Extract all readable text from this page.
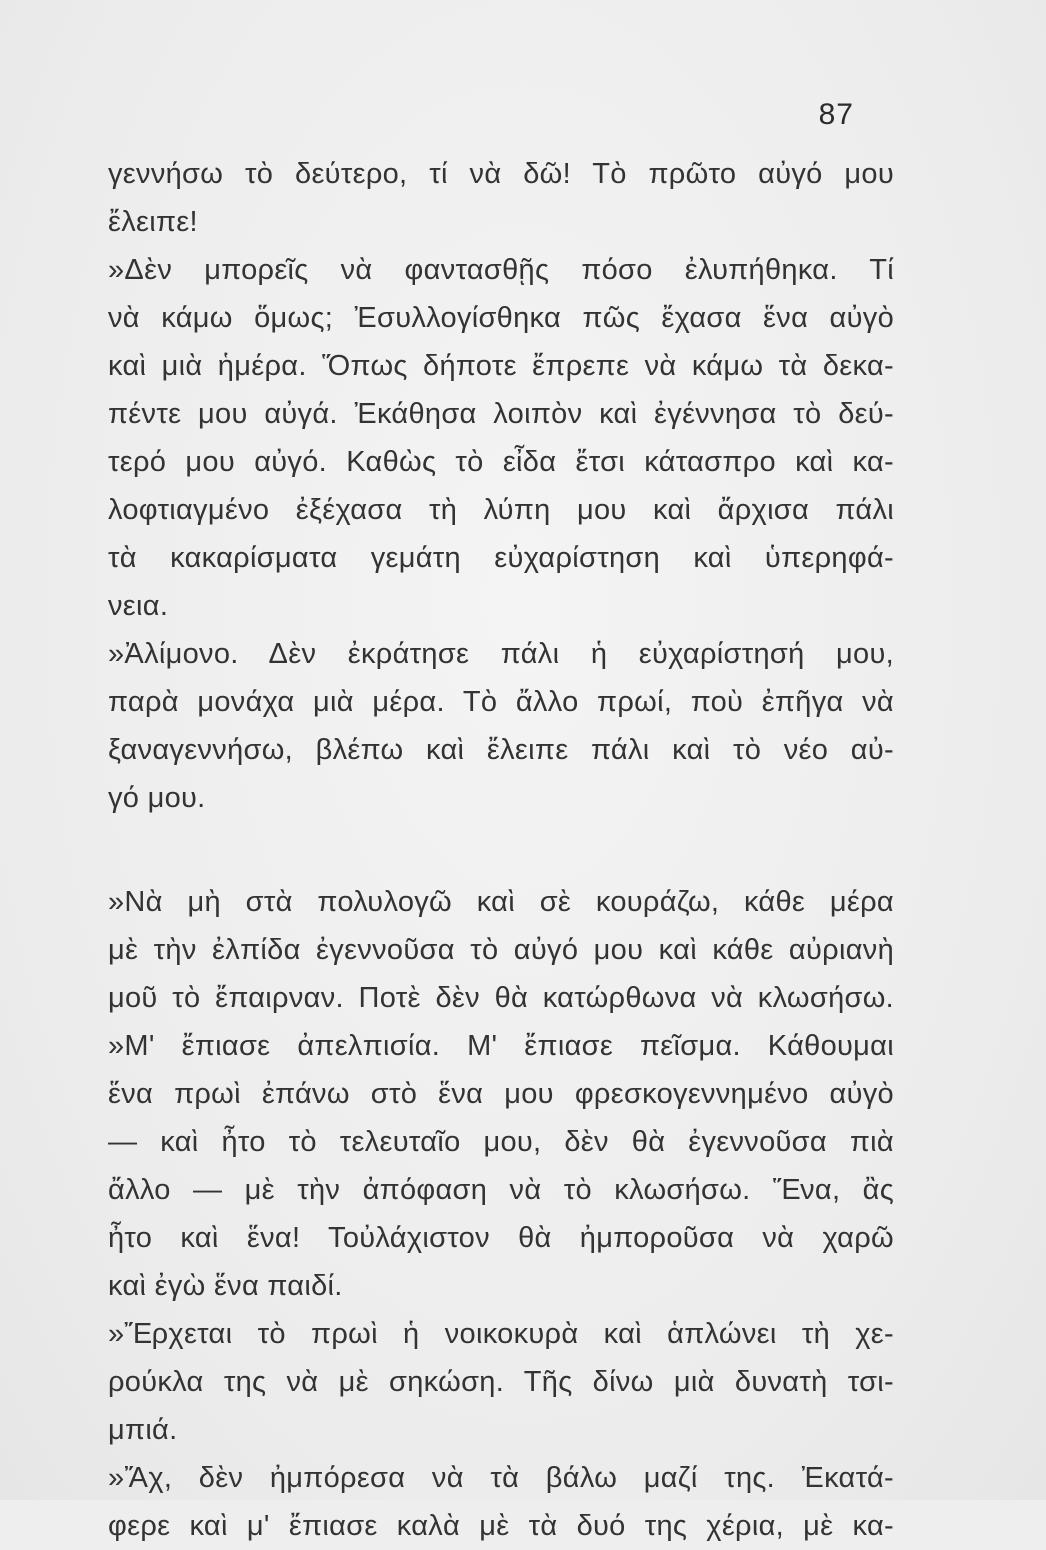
87
γεννήσω τὸ δεύτερο, τί νὰ δῶ! Τὸ πρῶτο αὐγό μου
ἔλειπε!
»Δὲν μπορεῖς νὰ φαντασθῇς πόσο ἐλυπήθηκα. Τί
νὰ κάμω ὅμως; Ἐσυλλογίσθηκα πῶς ἔχασα ἕνα αὐγὸ
καὶ μιὰ ἡμέρα. Ὅπως δήποτε ἔπρεπε νὰ κάμω τὰ δεκα-
πέντε μου αὐγά. Ἐκάθησα λοιπὸν καὶ ἐγέννησα τὸ δεύ-
τερό μου αὐγό. Καθὼς τὸ εἶδα ἔτσι κάτασπρο καὶ κα-
λοφτιαγμένο ἐξέχασα τὴ λύπη μου καὶ ἄρχισα πάλι
τὰ κακαρίσματα γεμάτη εὐχαρίστηση καὶ ὑπερηφά-
νεια.
»Ἀλίμονο. Δὲν ἐκράτησε πάλι ἡ εὐχαρίστησή μου,
παρὰ μονάχα μιὰ μέρα. Τὸ ἄλλο πρωί, ποὺ ἐπῆγα νὰ
ξαναγεννήσω, βλέπω καὶ ἔλειπε πάλι καὶ τὸ νέο αὐ-
γό μου.
»Νὰ μὴ στὰ πολυλογῶ καὶ σὲ κουράζω, κάθε μέρα
μὲ τὴν ἐλπίδα ἐγεννοῦσα τὸ αὐγό μου καὶ κάθε αὐριανὴ
μοῦ τὸ ἔπαιρναν. Ποτὲ δὲν θὰ κατώρθωνα νὰ κλωσήσω.
»Μ' ἔπιασε ἀπελπισία. Μ' ἔπιασε πεῖσμα. Κάθουμαι
ἕνα πρωὶ ἐπάνω στὸ ἕνα μου φρεσκογεννημένο αὐγὸ
— καὶ ἦτο τὸ τελευταῖο μου, δὲν θὰ ἐγεννοῦσα πιὰ
ἄλλο — μὲ τὴν ἀπόφαση νὰ τὸ κλωσήσω. Ἕνα, ἂς
ἦτο καὶ ἕνα! Τοὐλάχιστον θὰ ἠμποροῦσα νὰ χαρῶ
καὶ ἐγὼ ἕνα παιδί.
»Ἔρχεται τὸ πρωὶ ἡ νοικοκυρὰ καὶ ἁπλώνει τὴ χε-
ρούκλα της νὰ μὲ σηκώση. Τῆς δίνω μιὰ δυνατὴ τσι-
μπιά.
»Ἄχ, δὲν ἠμπόρεσα νὰ τὰ βάλω μαζί της. Ἐκατά-
φερε καὶ μ' ἔπιασε καλὰ μὲ τὰ δυό της χέρια, μὲ κα-
